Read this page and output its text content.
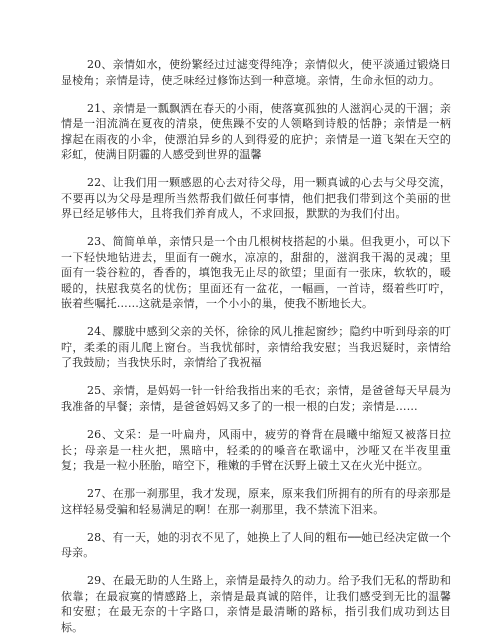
20、亲情如水，使纷繁经过过滤变得纯净；亲情似火，使平淡通过锻烧日显棱角；亲情是诗，使乏味经过修饰达到一种意境。亲情，生命永恒的动力。

21、亲情是一瓢飘洒在春天的小雨，使落寞孤独的人滋润心灵的干涸；亲情是一泪流淌在夏夜的清泉，使焦躁不安的人领略到诗般的恬静；亲情是一柄撑起在雨夜的小伞，使漂泊异乡的人到得爱的庇护；亲情是一道飞架在天空的彩虹，使满目阴霾的人感受到世界的温馨

22、让我们用一颗感恩的心去对待父母，用一颗真诚的心去与父母交流，不要再以为父母是理所当然帮我们做任何事情，他们把我们带到这个美丽的世界已经足够伟大，且将我们养育成人，不求回报，默默的为我们付出。

23、简简单单，亲情只是一个由几根树枝搭起的小巢。但我更小，可以下一下轻快地钻进去，里面有一碗水，凉凉的，甜甜的，滋润我干渴的灵魂；里面有一袋谷粒的，香香的，填饱我无止尽的欲望；里面有一张床，软软的，暖暖的，扶慰我莫名的忧伤；里面还有一盆花，一幅画，一首诗，缀着些叮咛，嵌着些嘱托……这就是亲情，一个小小的巢，使我不断地长大。

24、朦胧中感到父亲的关怀，徐徐的风儿推起窗纱；隐约中听到母亲的叮咛，柔柔的雨儿爬上窗台。当我忧郁时，亲情给我安慰；当我迟疑时，亲情给了我鼓励；当我快乐时，亲情给了我祝福

25、亲情，是妈妈一针一针给我指出来的毛衣；亲情，是爸爸每天早晨为我准备的早餐；亲情，是爸爸妈妈又多了的一根一根的白发；亲情是……

26、文采：是一叶扁舟，风雨中，疲劳的脊背在晨曦中缩短又被落日拉长；母亲是一柱火把，黑暗中，轻柔的的嗓音在歌谣中，沙哑又在半夜里重复；我是一粒小胚胎，暗空下，稚嫩的手臂在沃野上破土又在火光中挺立。

27、在那一刹那里，我才发现，原来，原来我们所拥有的所有的母亲那是这样轻易受骗和轻易满足的啊！在那一刹那里，我不禁流下泪来。

28、有一天，她的羽衣不见了，她换上了人间的粗布──她已经决定做一个母亲。

29、在最无助的人生路上，亲情是最持久的动力。给予我们无私的帮助和依靠；在最寂寞的情感路上，亲情是最真诚的陪伴，让我们感受到无比的温馨和安慰；在最无奈的十字路口，亲情是最清晰的路标，指引我们成功到达目标。
